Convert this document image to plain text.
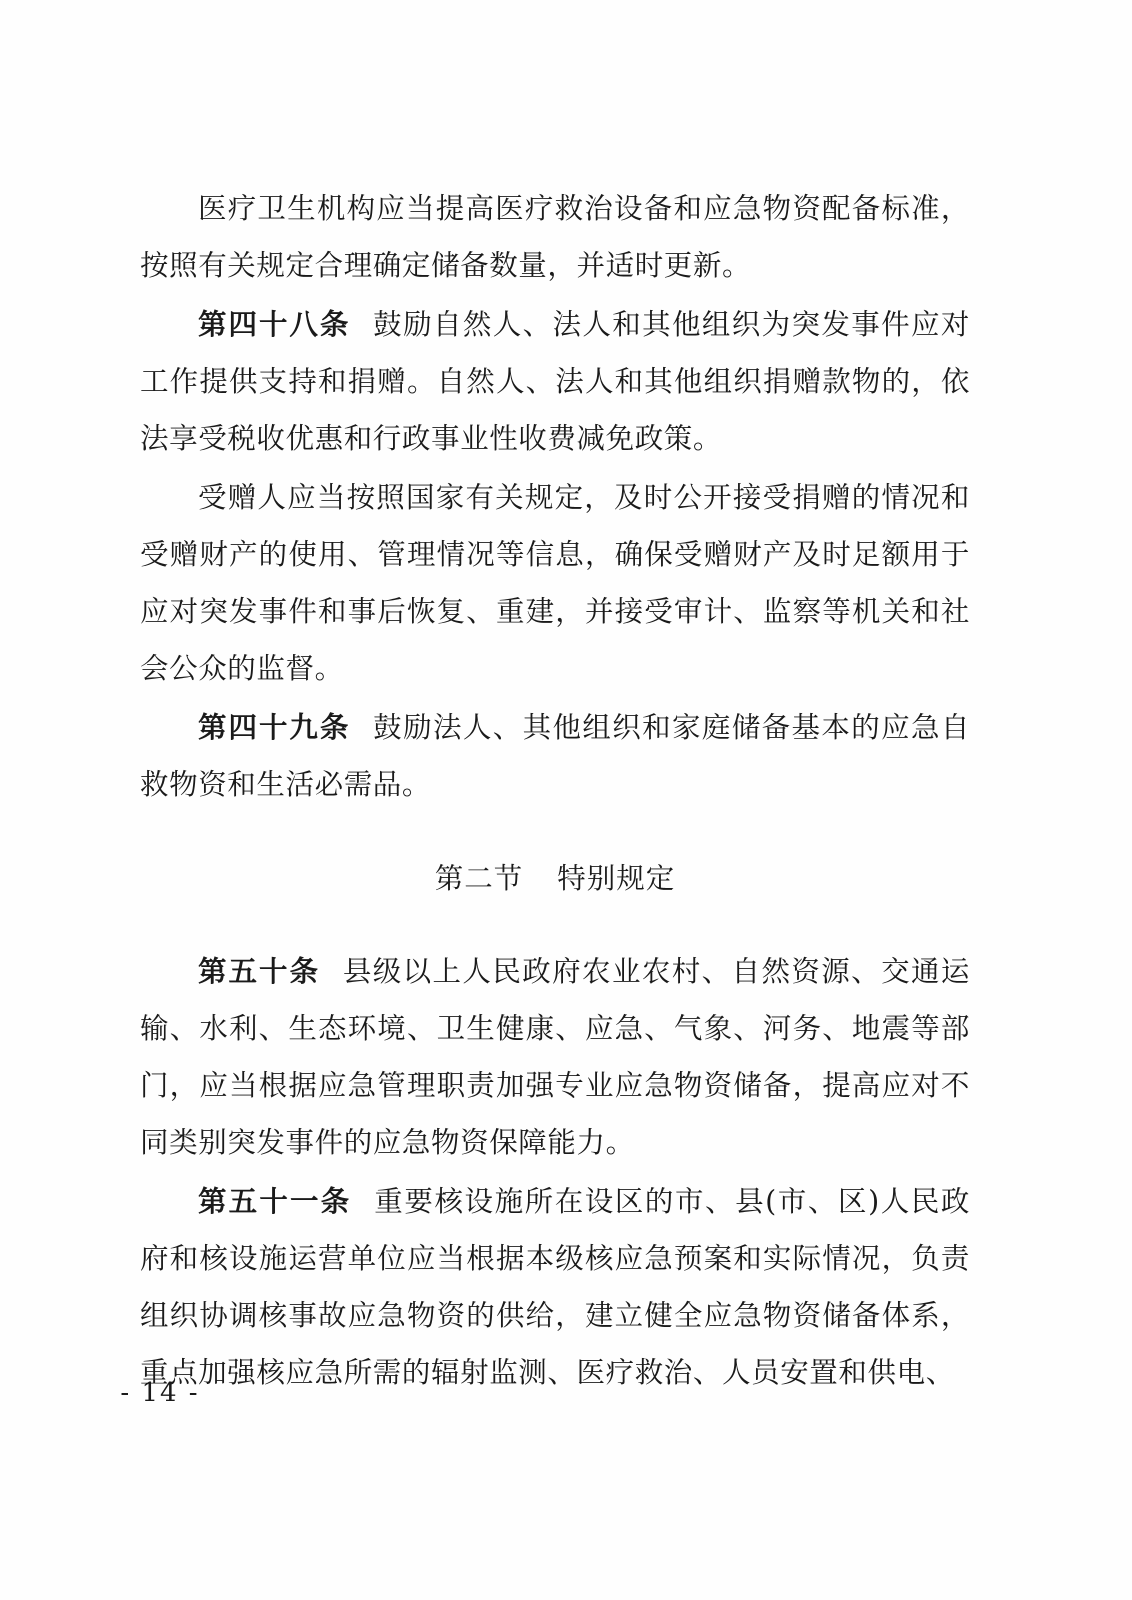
医疗卫生机构应当提高医疗救治设备和应急物资配备标准，按照有关规定合理确定储备数量，并适时更新。

第四十八条 鼓励自然人、法人和其他组织为突发事件应对工作提供支持和捐赠。自然人、法人和其他组织捐赠款物的，依法享受税收优惠和行政事业性收费减免政策。

受赠人应当按照国家有关规定，及时公开接受捐赠的情况和受赠财产的使用、管理情况等信息，确保受赠财产及时足额用于应对突发事件和事后恢复、重建，并接受审计、监察等机关和社会公众的监督。

第四十九条 鼓励法人、其他组织和家庭储备基本的应急自救物资和生活必需品。

第二节 特别规定

第五十条 县级以上人民政府农业农村、自然资源、交通运输、水利、生态环境、卫生健康、应急、气象、河务、地震等部门，应当根据应急管理职责加强专业应急物资储备，提高应对不同类别突发事件的应急物资保障能力。

第五十一条 重要核设施所在设区的市、县(市、区)人民政府和核设施运营单位应当根据本级核应急预案和实际情况，负责组织协调核事故应急物资的供给，建立健全应急物资储备体系，重点加强核应急所需的辐射监测、医疗救治、人员安置和供电、

- 14 -
